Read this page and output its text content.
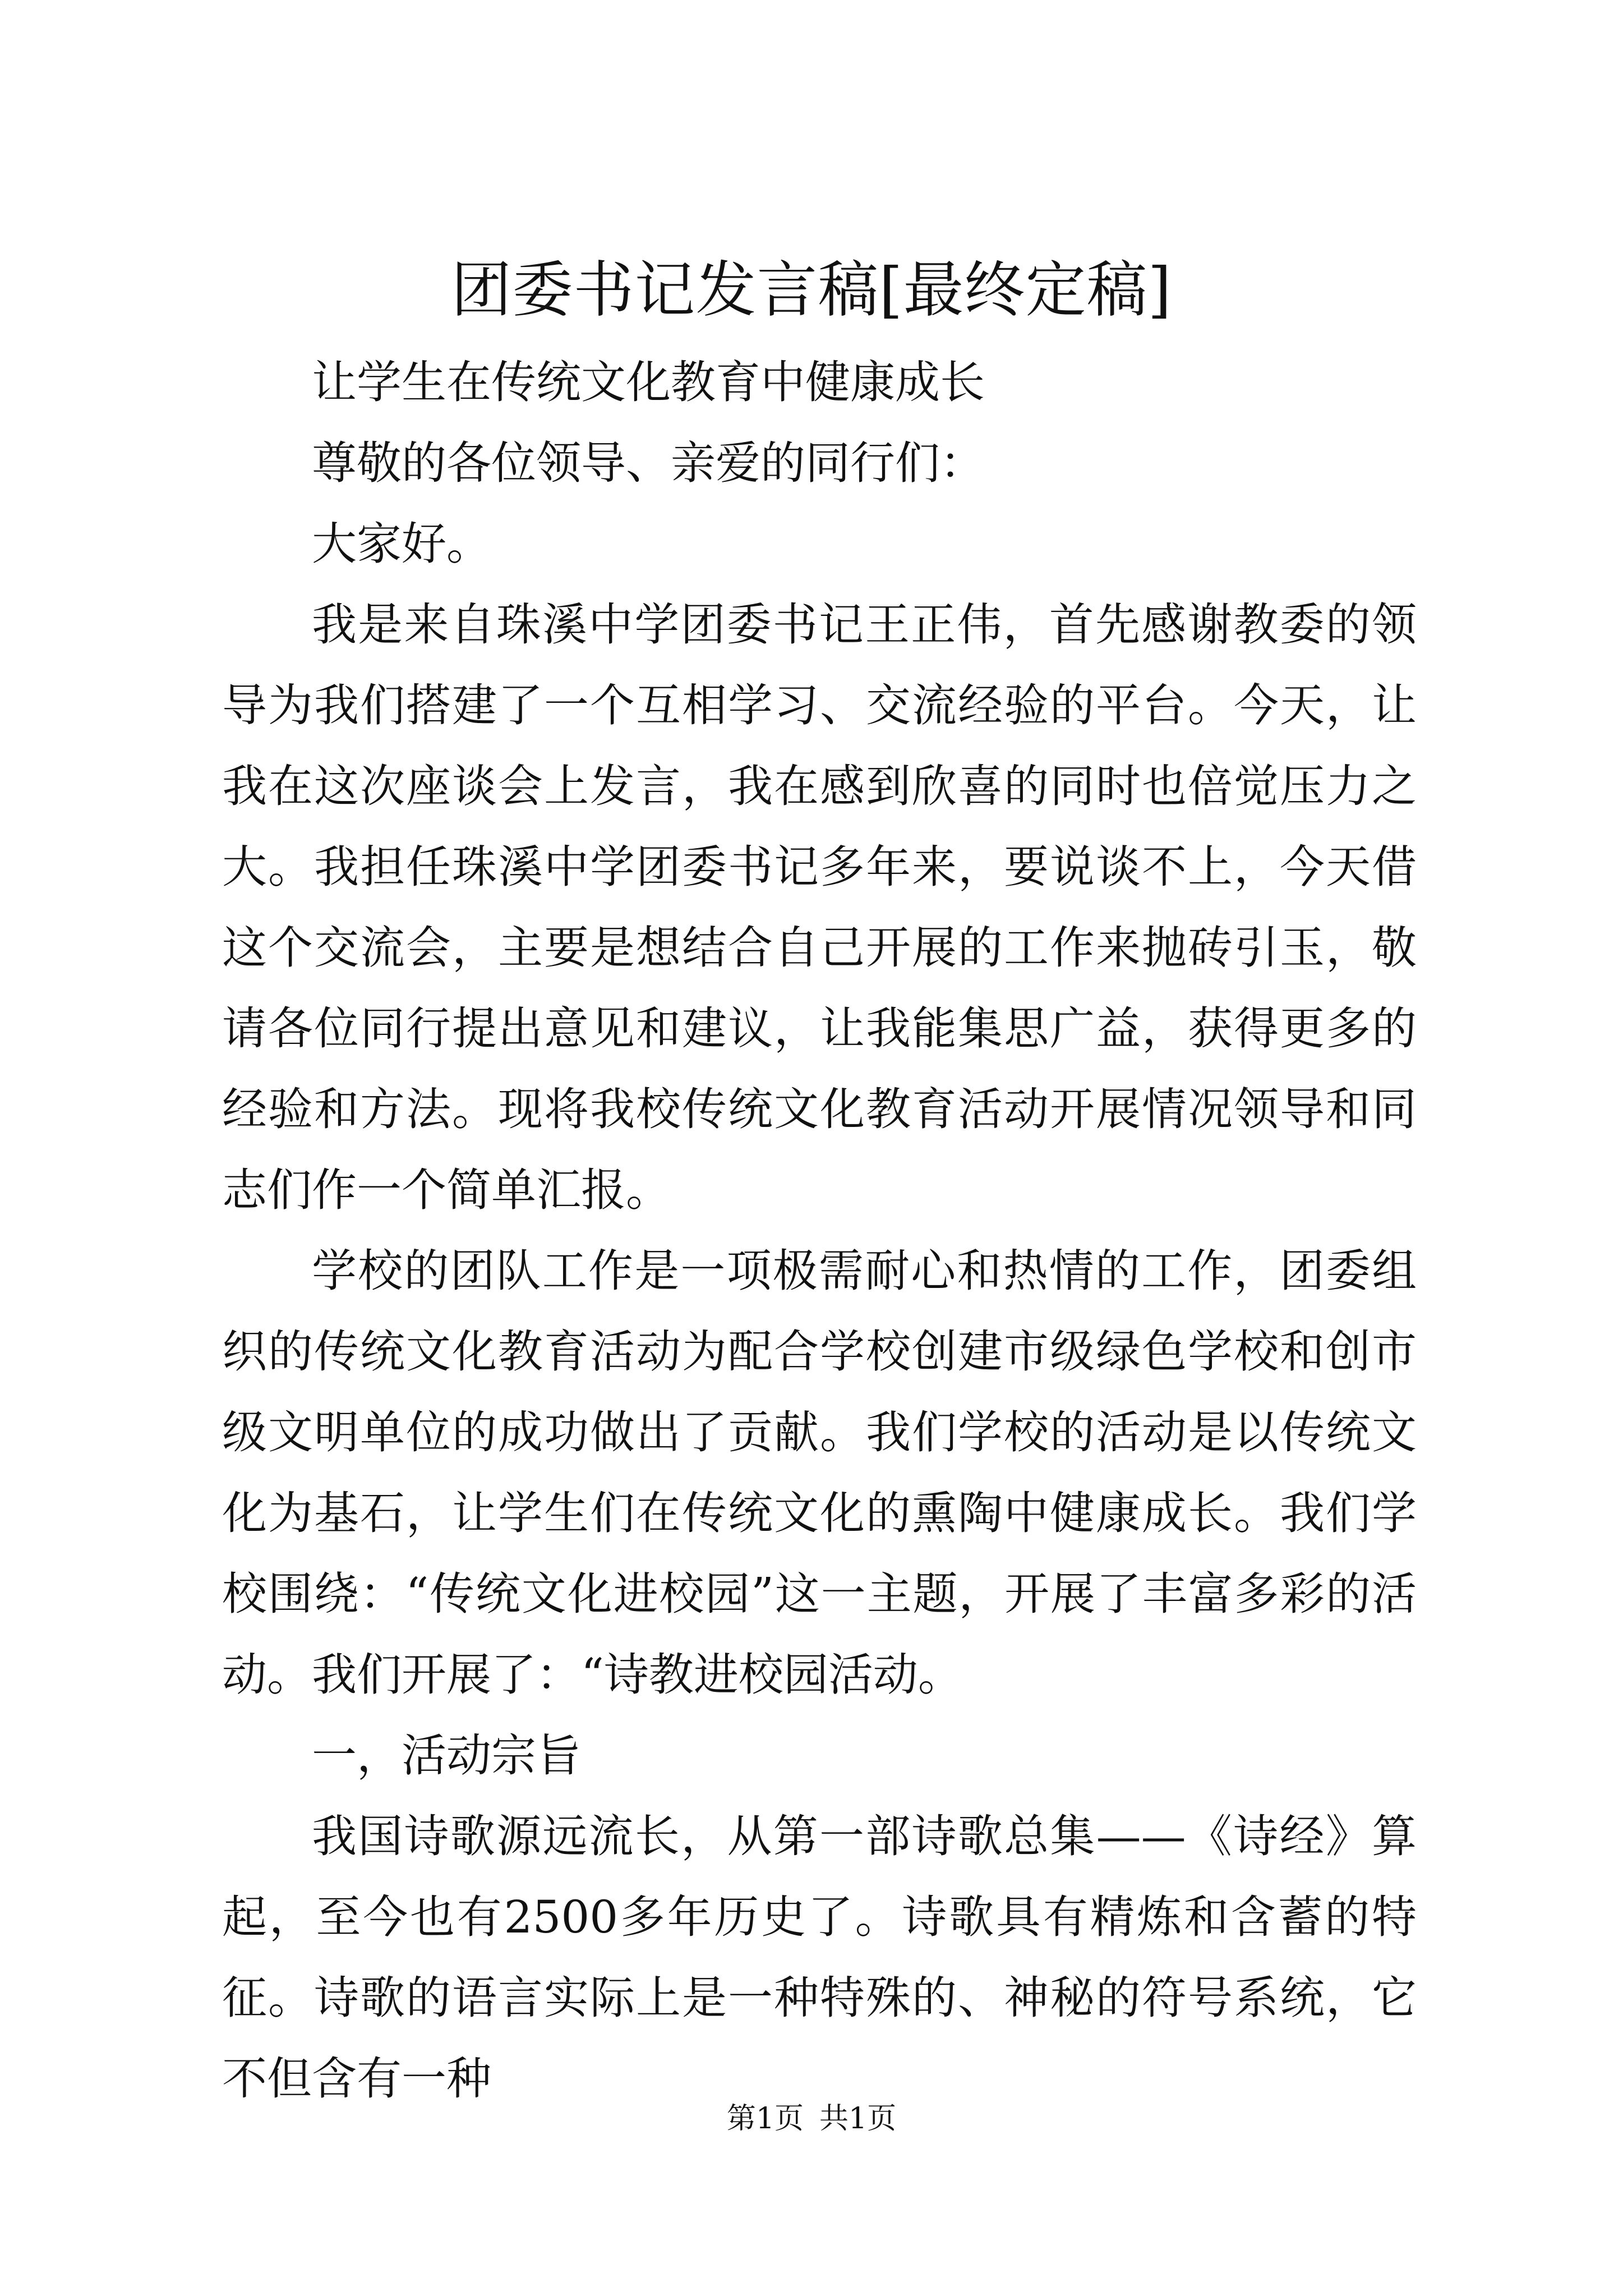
团委书记发言稿[最终定稿]

让学生在传统文化教育中健康成长

尊敬的各位领导、亲爱的同行们：

大家好。

我是来自珠溪中学团委书记王正伟，首先感谢教委的领导为我们搭建了一个互相学习、交流经验的平台。今天，让我在这次座谈会上发言，我在感到欣喜的同时也倍觉压力之大。我担任珠溪中学团委书记多年来，要说谈不上，今天借这个交流会，主要是想结合自己开展的工作来抛砖引玉，敬请各位同行提出意见和建议，让我能集思广益，获得更多的经验和方法。现将我校传统文化教育活动开展情况领导和同志们作一个简单汇报。

学校的团队工作是一项极需耐心和热情的工作，团委组织的传统文化教育活动为配合学校创建市级绿色学校和创市级文明单位的成功做出了贡献。我们学校的活动是以传统文化为基石，让学生们在传统文化的熏陶中健康成长。我们学校围绕：“传统文化进校园”这一主题，开展了丰富多彩的活动。我们开展了：“诗教进校园活动。

一，活动宗旨

我国诗歌源远流长，从第一部诗歌总集——《诗经》算起，至今也有2500多年历史了。诗歌具有精炼和含蓄的特征。诗歌的语言实际上是一种特殊的、神秘的符号系统，它不但含有一种

第1页 共1页
